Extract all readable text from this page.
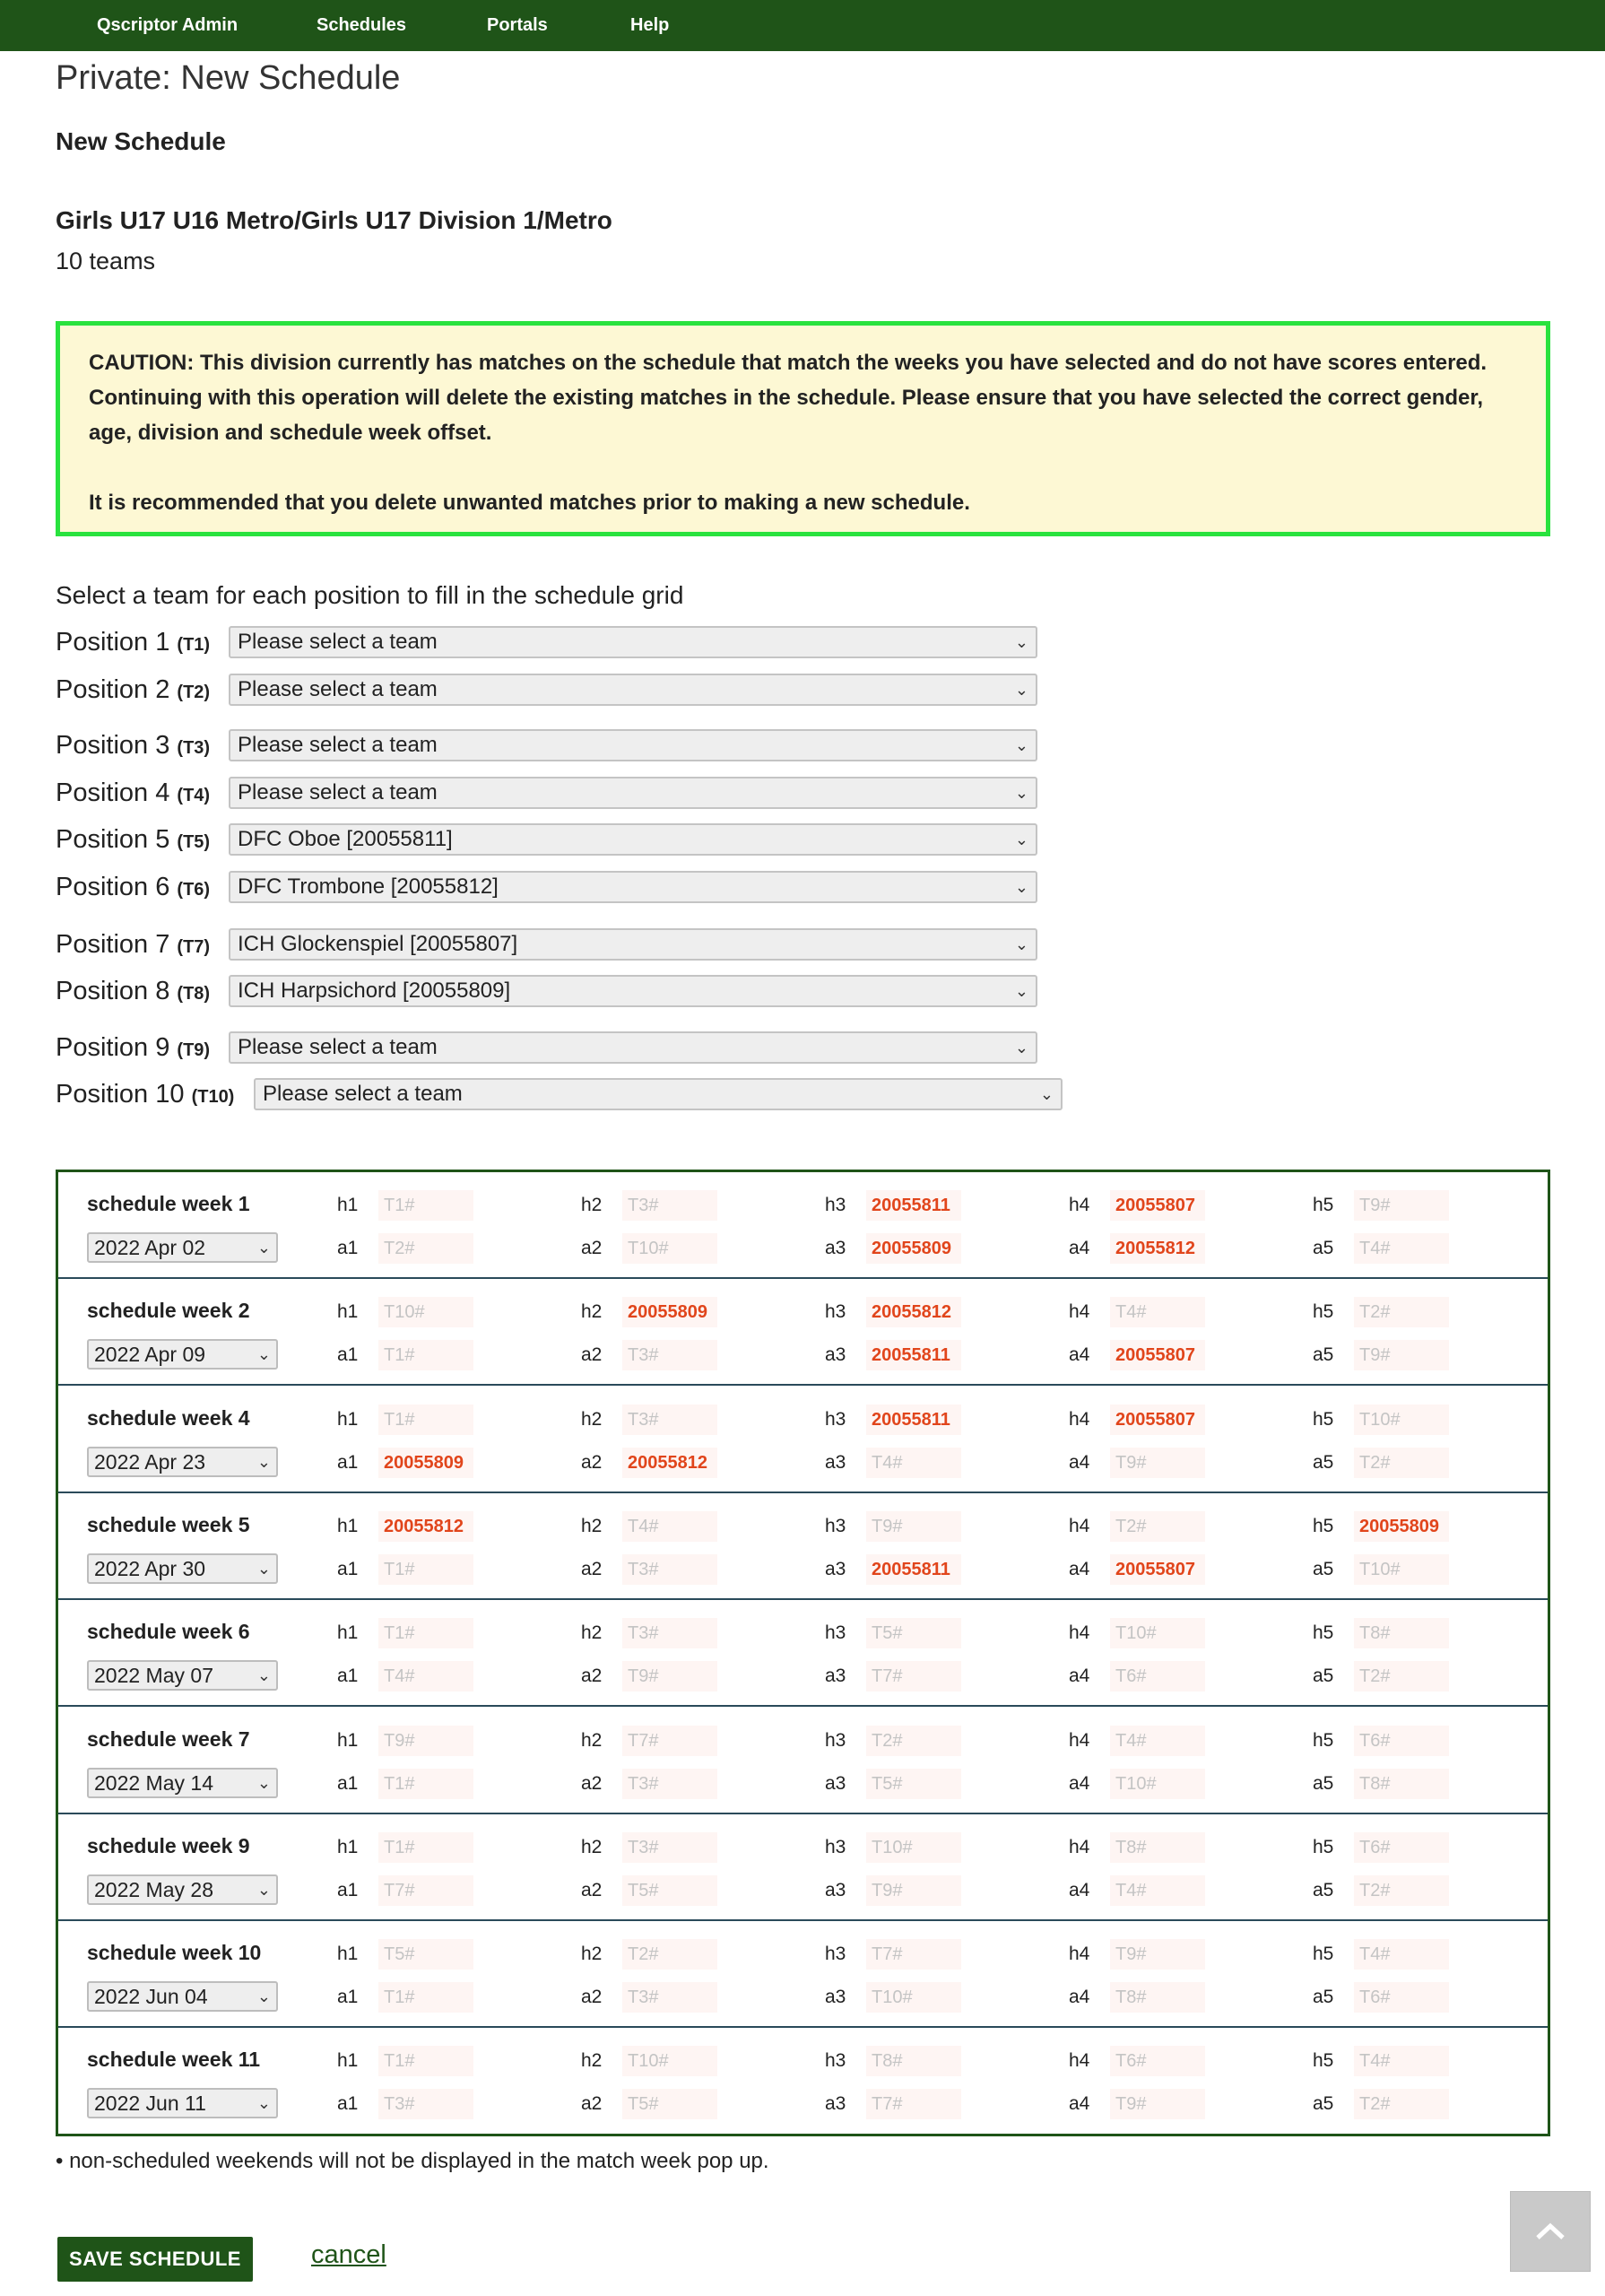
Qscriptor Admin	Schedules	Portals	Help
Private: New Schedule
New Schedule
Girls U17 U16 Metro/Girls U17 Division 1/Metro
10 teams

CAUTION: This division currently has matches on the schedule that match the weeks you have selected and do not have scores entered. Continuing with this operation will delete the existing matches in the schedule. Please ensure that you have selected the correct gender, age, division and schedule week offset.

It is recommended that you delete unwanted matches prior to making a new schedule.

Select a team for each position to fill in the schedule grid
Position 1 (T1) Please select a team	⌄
Position 2 (T2) Please select a team	⌄
Position 3 (T3) Please select a team	⌄
Position 4 (T4) Please select a team	⌄
Position 5 (T5) DFC Oboe [20055811]	⌄
Position 6 (T6) DFC Trombone [20055812]	⌄
Position 7 (T7) ICH Glockenspiel [20055807]	⌄
Position 8 (T8) ICH Harpsichord [20055809]	⌄
Position 9 (T9) Please select a team	⌄
Position 10 (T10)	Please select a team	⌄
schedule week 1
2022 Apr 02	⌄
h1	T1#	h2	T3#	h3	20055811	h4	20055807	h5	T9#
a1	T2#	a2	T10#	a3	20055809	a4	20055812	a5	T4#
schedule week 2
2022 Apr 09	⌄
h1	T10#	h2	20055809	h3	20055812	h4	T4#	h5	T2#
a1	T1#	a2	T3#	a3	20055811	a4	20055807	a5	T9#
schedule week 4
2022 Apr 23	⌄
h1	T1#	h2	T3#	h3	20055811	h4	20055807	h5	T10#
a1	20055809	a2	20055812	a3	T4#	a4	T9#	a5	T2#
schedule week 5
2022 Apr 30	⌄
h1	20055812	h2	T4#	h3	T9#	h4	T2#	h5	20055809
a1	T1#	a2	T3#	a3	20055811	a4	20055807	a5	T10#
schedule week 6
2022 May 07	⌄
h1	T1#	h2	T3#	h3	T5#	h4	T10#	h5	T8#
a1	T4#	a2	T9#	a3	T7#	a4	T6#	a5	T2#
schedule week 7
2022 May 14	⌄
h1	T9#	h2	T7#	h3	T2#	h4	T4#	h5	T6#
a1	T1#	a2	T3#	a3	T5#	a4	T10#	a5	T8#
schedule week 9
2022 May 28	⌄
h1	T1#	h2	T3#	h3	T10#	h4	T8#	h5	T6#
a1	T7#	a2	T5#	a3	T9#	a4	T4#	a5	T2#
schedule week 10
2022 Jun 04	⌄
h1	T5#	h2	T2#	h3	T7#	h4	T9#	h5	T4#
a1	T1#	a2	T3#	a3	T10#	a4	T8#	a5	T6#
schedule week 11
2022 Jun 11	⌄
h1	T1#	h2	T10#	h3	T8#	h4	T6#	h5	T4#
a1	T3#	a2	T5#	a3	T7#	a4	T9#	a5	T2#
• non-scheduled weekends will not be displayed in the match week pop up.
SAVE SCHEDULE	cancel
